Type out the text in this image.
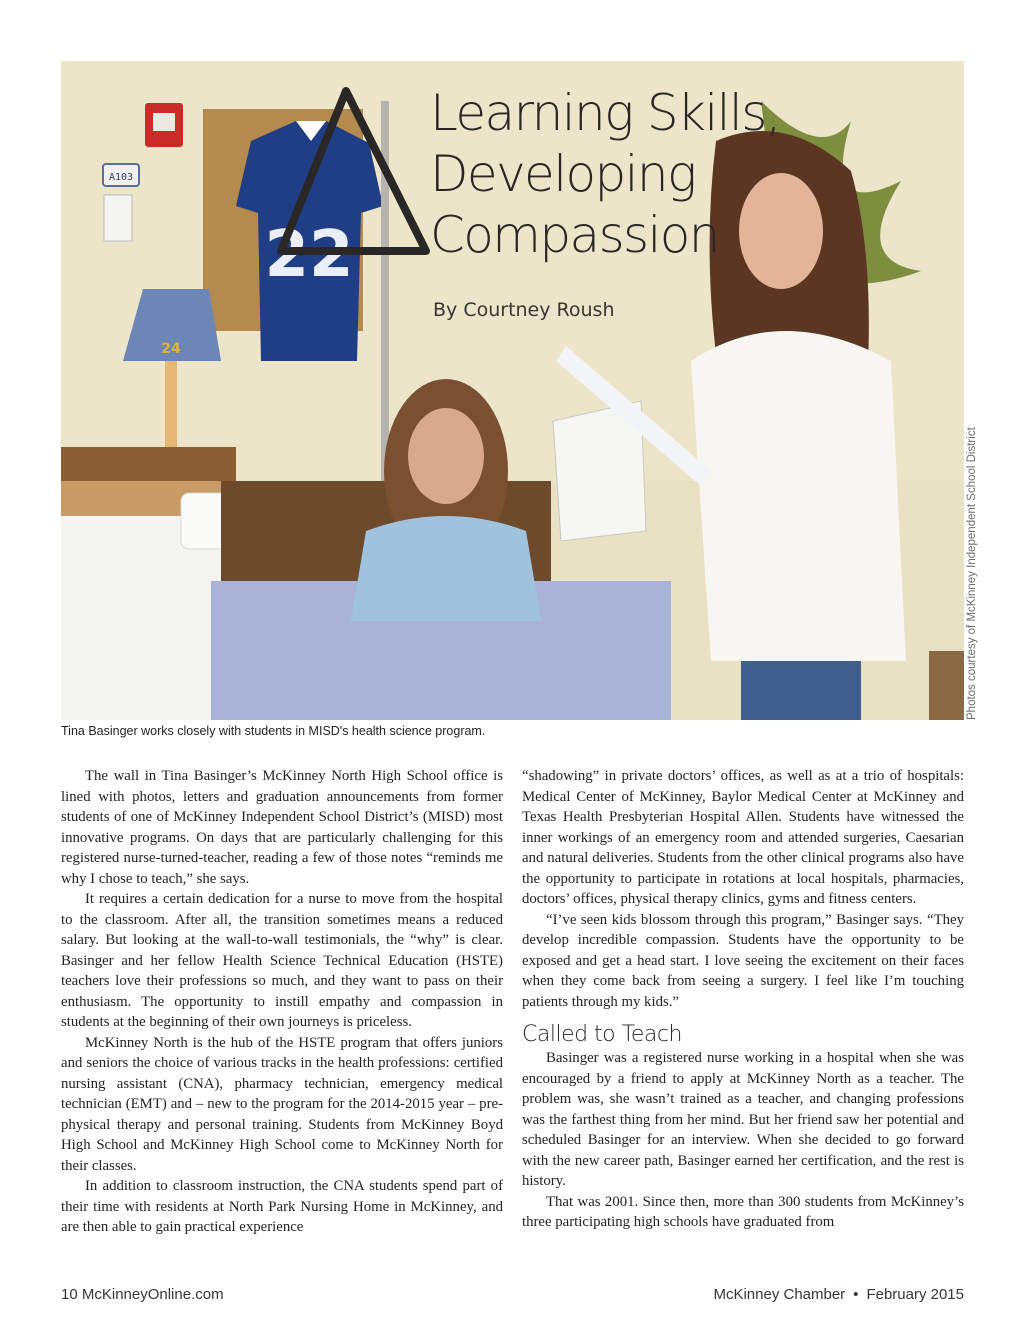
22
A103
24
Learning Skills,
Developing
Compassion

By Courtney Roush

Photos courtesy of McKinney Independent School District

Tina Basinger works closely with students in MISD's health science program.

The wall in Tina Basinger’s McKinney North High School office is lined with photos, letters and graduation announcements from former students of one of McKinney Independent School District’s (MISD) most innovative programs. On days that are particularly challenging for this registered nurse-turned-teacher, reading a few of those notes “reminds me why I chose to teach,” she says.

It requires a certain dedication for a nurse to move from the hospital to the classroom. After all, the transition sometimes means a reduced salary. But looking at the wall-to-wall testimonials, the “why” is clear. Basinger and her fellow Health Science Technical Education (HSTE) teachers love their professions so much, and they want to pass on their enthusiasm. The opportunity to instill empathy and compassion in students at the beginning of their own journeys is priceless.

McKinney North is the hub of the HSTE program that offers juniors and seniors the choice of various tracks in the health professions: certified nursing assistant (CNA), pharmacy technician, emergency medical technician (EMT) and – new to the program for the 2014-2015 year – pre-physical therapy and personal training. Students from McKinney Boyd High School and McKinney High School come to McKinney North for their classes.

In addition to classroom instruction, the CNA students spend part of their time with residents at North Park Nursing Home in McKinney, and are then able to gain practical experience

“shadowing” in private doctors’ offices, as well as at a trio of hospitals: Medical Center of McKinney, Baylor Medical Center at McKinney and Texas Health Presbyterian Hospital Allen. Students have witnessed the inner workings of an emergency room and attended surgeries, Caesarian and natural deliveries. Students from the other clinical programs also have the opportunity to participate in rotations at local hospitals, pharmacies, doctors’ offices, physical therapy clinics, gyms and fitness centers.

“I’ve seen kids blossom through this program,” Basinger says. “They develop incredible compassion. Students have the opportunity to be exposed and get a head start. I love seeing the excitement on their faces when they come back from seeing a surgery. I feel like I’m touching patients through my kids.”

Called to Teach

Basinger was a registered nurse working in a hospital when she was encouraged by a friend to apply at McKinney North as a teacher. The problem was, she wasn’t trained as a teacher, and changing professions was the farthest thing from her mind. But her friend saw her potential and scheduled Basinger for an interview. When she decided to go forward with the new career path, Basinger earned her certification, and the rest is history.

That was 2001. Since then, more than 300 students from McKinney’s three participating high schools have graduated from

10 McKinneyOnline.com	McKinney Chamber • February 2015
